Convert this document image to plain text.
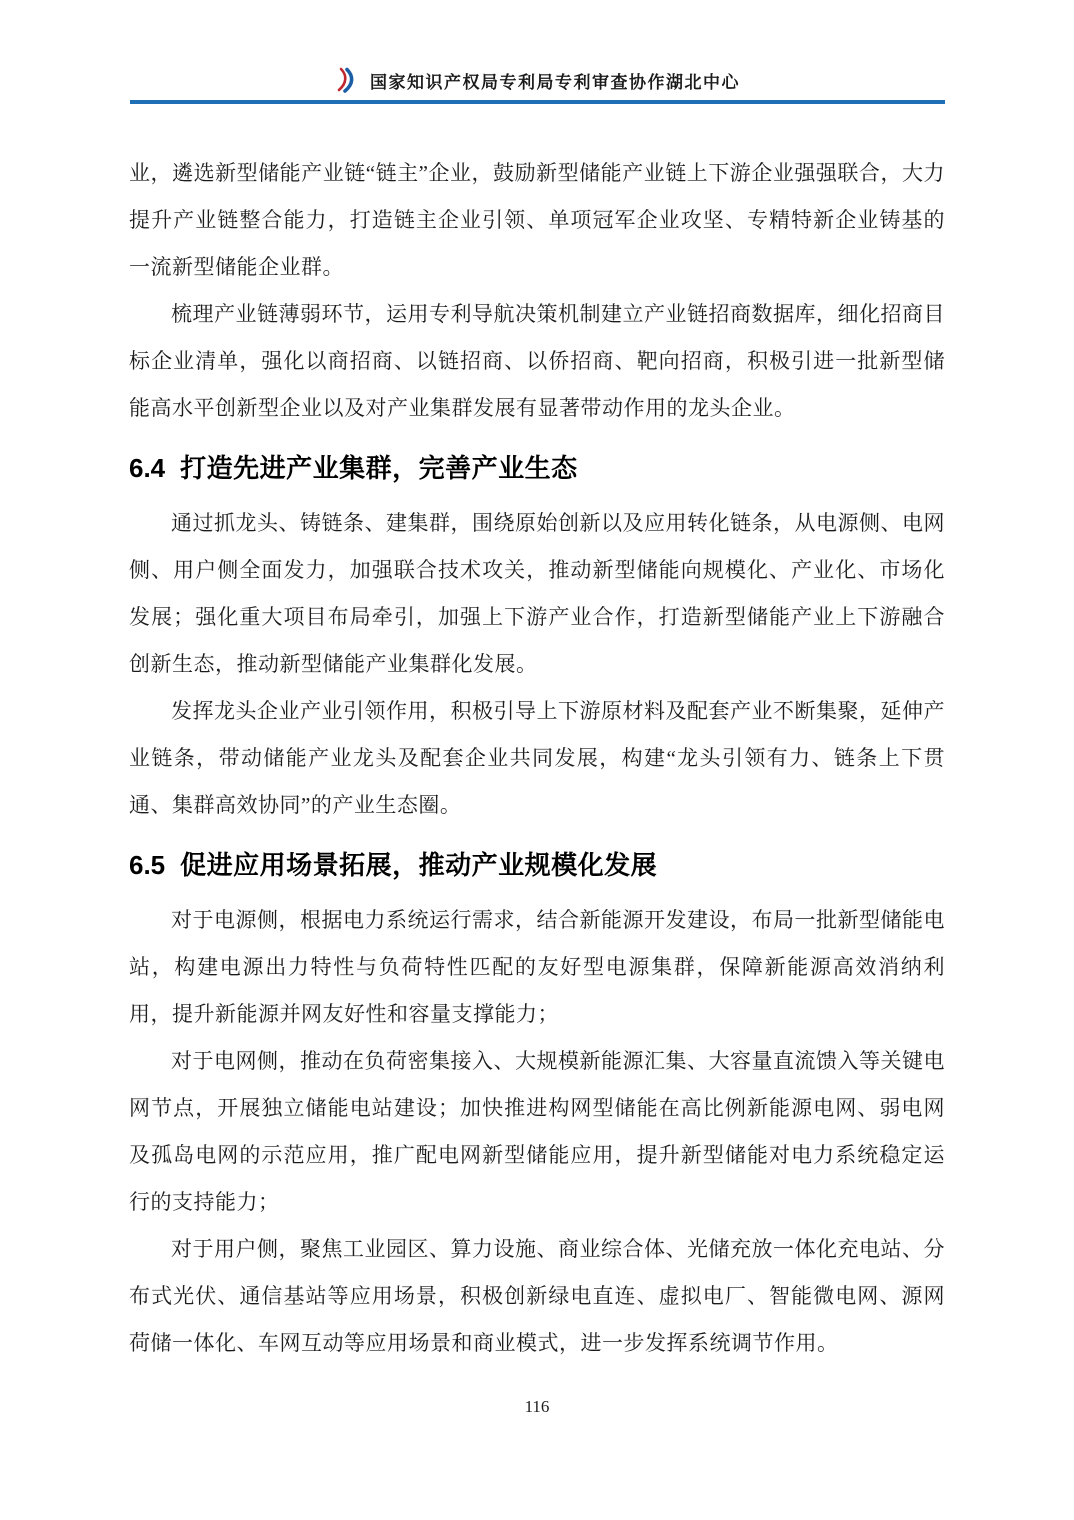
国家知识产权局专利局专利审查协作湖北中心

业，遴选新型储能产业链“链主”企业，鼓励新型储能产业链上下游企业强强联合，大力提升产业链整合能力，打造链主企业引领、单项冠军企业攻坚、专精特新企业铸基的一流新型储能企业群。

梳理产业链薄弱环节，运用专利导航决策机制建立产业链招商数据库，细化招商目标企业清单，强化以商招商、以链招商、以侨招商、靶向招商，积极引进一批新型储能高水平创新型企业以及对产业集群发展有显著带动作用的龙头企业。

6.4 打造先进产业集群，完善产业生态

通过抓龙头、铸链条、建集群，围绕原始创新以及应用转化链条，从电源侧、电网侧、用户侧全面发力，加强联合技术攻关，推动新型储能向规模化、产业化、市场化发展；强化重大项目布局牵引，加强上下游产业合作，打造新型储能产业上下游融合创新生态，推动新型储能产业集群化发展。

发挥龙头企业产业引领作用，积极引导上下游原材料及配套产业不断集聚，延伸产业链条，带动储能产业龙头及配套企业共同发展，构建“龙头引领有力、链条上下贯通、集群高效协同”的产业生态圈。

6.5 促进应用场景拓展，推动产业规模化发展

对于电源侧，根据电力系统运行需求，结合新能源开发建设，布局一批新型储能电站，构建电源出力特性与负荷特性匹配的友好型电源集群，保障新能源高效消纳利用，提升新能源并网友好性和容量支撑能力；

对于电网侧，推动在负荷密集接入、大规模新能源汇集、大容量直流馈入等关键电网节点，开展独立储能电站建设；加快推进构网型储能在高比例新能源电网、弱电网及孤岛电网的示范应用，推广配电网新型储能应用，提升新型储能对电力系统稳定运行的支持能力；

对于用户侧，聚焦工业园区、算力设施、商业综合体、光储充放一体化充电站、分布式光伏、通信基站等应用场景，积极创新绿电直连、虚拟电厂、智能微电网、源网荷储一体化、车网互动等应用场景和商业模式，进一步发挥系统调节作用。

116
